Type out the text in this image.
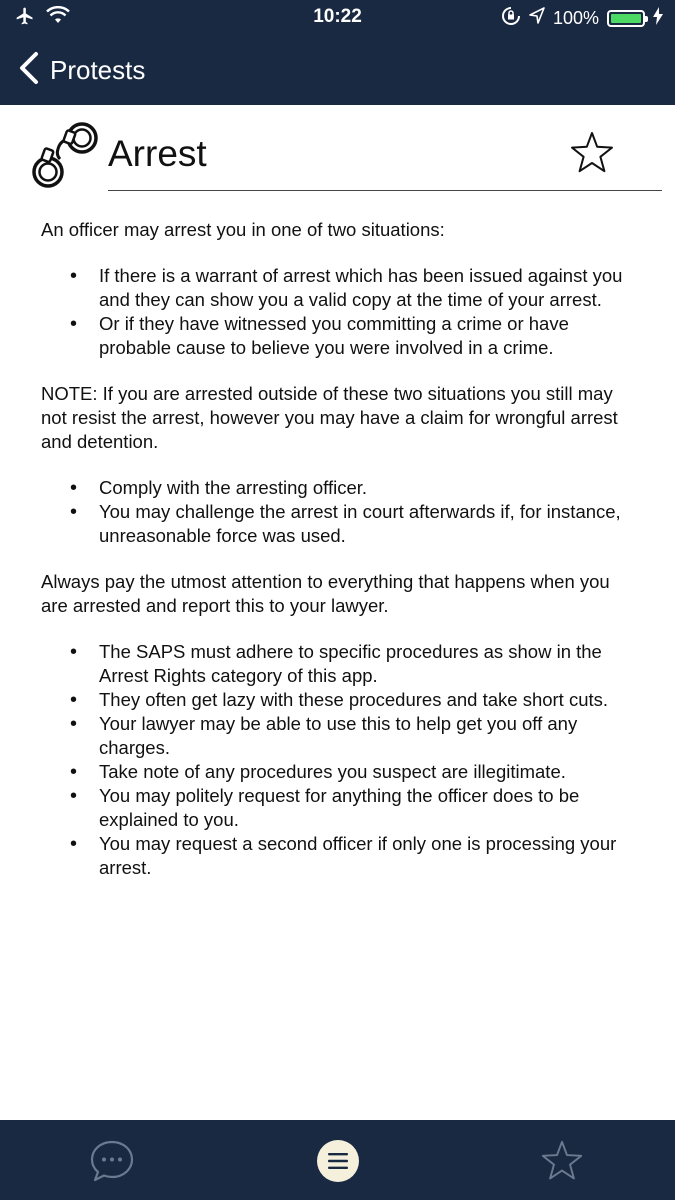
10:22	100%
Protests
Arrest

An officer may arrest you in one of two situations:

• If there is a warrant of arrest which has been issued against you and they can show you a valid copy at the time of your arrest.
• Or if they have witnessed you committing a crime or have probable cause to believe you were involved in a crime.

NOTE: If you are arrested outside of these two situations you still may not resist the arrest, however you may have a claim for wrongful arrest and detention.

• Comply with the arresting officer.
• You may challenge the arrest in court afterwards if, for instance, unreasonable force was used.

Always pay the utmost attention to everything that happens when you are arrested and report this to your lawyer.

• The SAPS must adhere to specific procedures as show in the Arrest Rights category of this app.
• They often get lazy with these procedures and take short cuts.
• Your lawyer may be able to use this to help get you off any charges.
• Take note of any procedures you suspect are illegitimate.
• You may politely request for anything the officer does to be explained to you.
• You may request a second officer if only one is processing your arrest.
